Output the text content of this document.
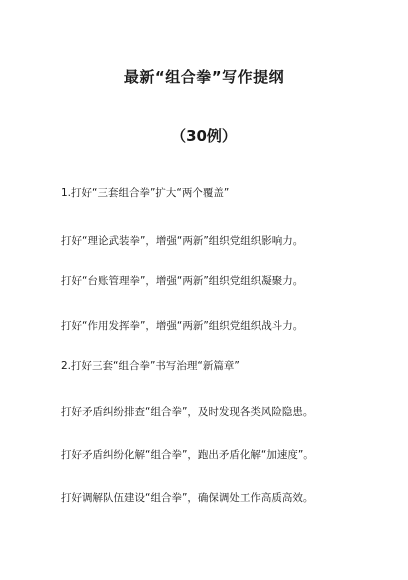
最新“组合拳”写作提纲
（30例）
1.打好“三套组合拳”扩大“两个覆盖”
打好“理论武装拳”，增强“两新”组织党组织影响力。
打好“台账管理拳”，增强“两新”组织党组织凝聚力。
打好“作用发挥拳”，增强“两新”组织党组织战斗力。
2.打好三套“组合拳”书写治理“新篇章”
打好矛盾纠纷排查“组合拳”，及时发现各类风险隐患。
打好矛盾纠纷化解“组合拳”，跑出矛盾化解“加速度”。
打好调解队伍建设“组合拳”，确保调处工作高质高效。
